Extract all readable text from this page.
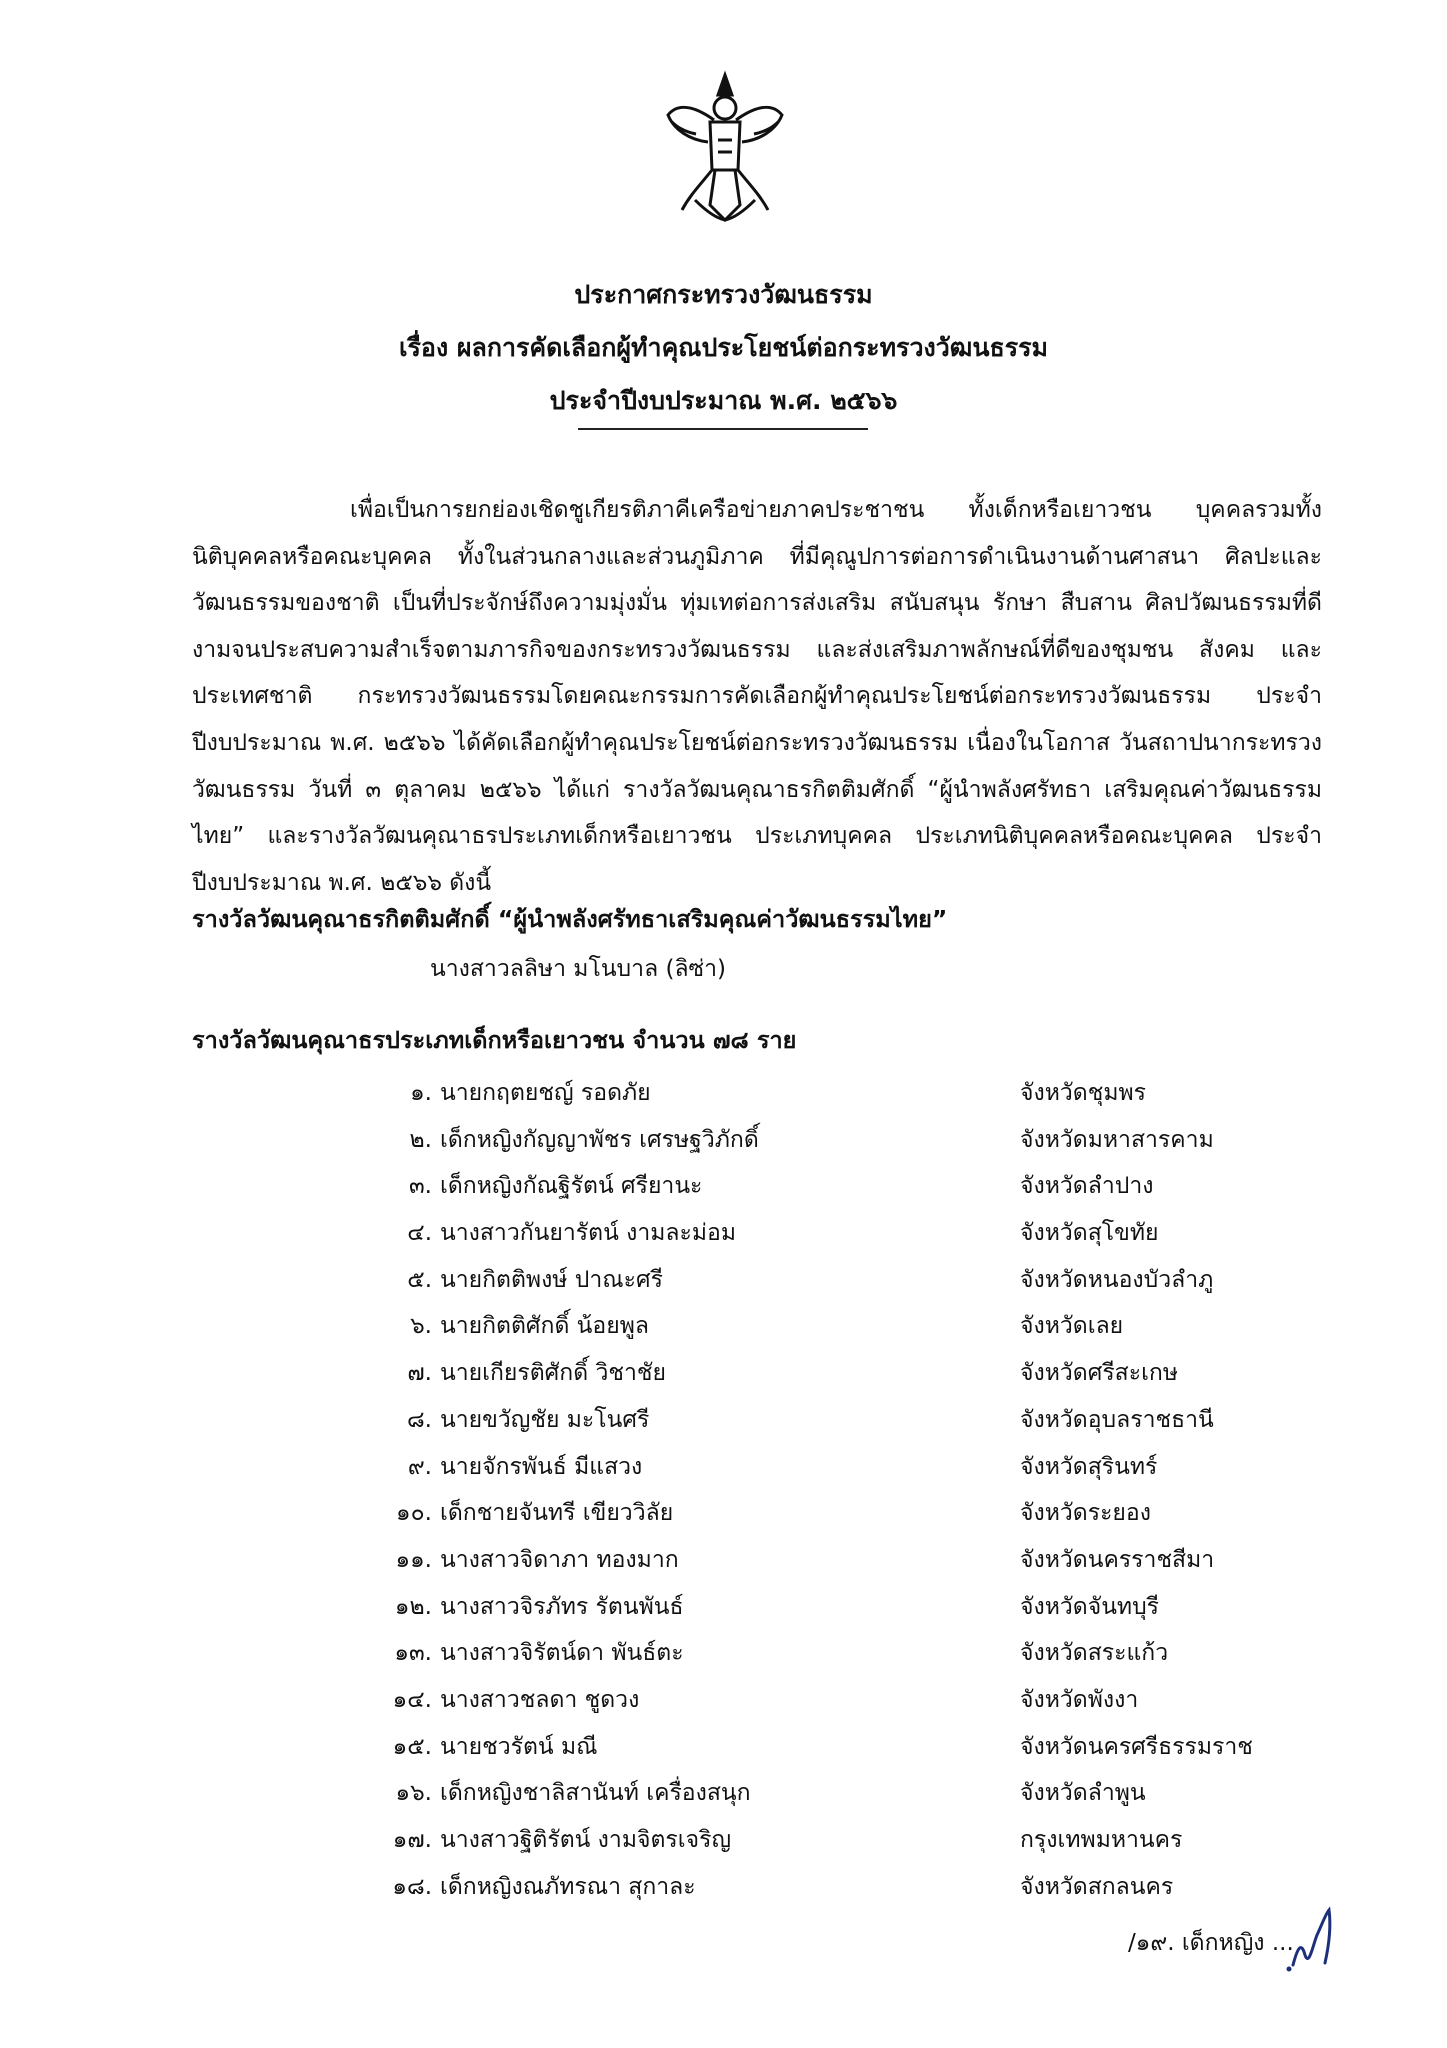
ประกาศกระทรวงวัฒนธรรม
เรื่อง ผลการคัดเลือกผู้ทำคุณประโยชน์ต่อกระทรวงวัฒนธรรม
ประจำปีงบประมาณ พ.ศ. ๒๕๖๖

เพื่อเป็นการยกย่องเชิดชูเกียรติภาคีเครือข่ายภาคประชาชน ทั้งเด็กหรือเยาวชน บุคคลรวมทั้งนิติบุคคลหรือคณะบุคคล ทั้งในส่วนกลางและส่วนภูมิภาค ที่มีคุณูปการต่อการดำเนินงานด้านศาสนา ศิลปะและวัฒนธรรมของชาติ เป็นที่ประจักษ์ถึงความมุ่งมั่น ทุ่มเทต่อการส่งเสริม สนับสนุน รักษา สืบสาน ศิลปวัฒนธรรมที่ดีงามจนประสบความสำเร็จตามภารกิจของกระทรวงวัฒนธรรม และส่งเสริมภาพลักษณ์ที่ดีของชุมชน สังคม และประเทศชาติ กระทรวงวัฒนธรรมโดยคณะกรรมการคัดเลือกผู้ทำคุณประโยชน์ต่อกระทรวงวัฒนธรรม ประจำปีงบประมาณ พ.ศ. ๒๕๖๖ ได้คัดเลือกผู้ทำคุณประโยชน์ต่อกระทรวงวัฒนธรรม เนื่องในโอกาส วันสถาปนากระทรวงวัฒนธรรม วันที่ ๓ ตุลาคม ๒๕๖๖ ได้แก่ รางวัลวัฒนคุณาธรกิตติมศักดิ์ “ผู้นำพลังศรัทธา เสริมคุณค่าวัฒนธรรมไทย” และรางวัลวัฒนคุณาธรประเภทเด็กหรือเยาวชน ประเภทบุคคล ประเภทนิติบุคคลหรือคณะบุคคล ประจำปีงบประมาณ พ.ศ. ๒๕๖๖ ดังนี้

รางวัลวัฒนคุณาธรกิตติมศักดิ์ “ผู้นำพลังศรัทธาเสริมคุณค่าวัฒนธรรมไทย”
นางสาวลลิษา มโนบาล (ลิซ่า)
รางวัลวัฒนคุณาธรประเภทเด็กหรือเยาวชน จำนวน ๗๘ ราย
๑. นายกฤตยชญ์ รอดภัย	จังหวัดชุมพร
๒. เด็กหญิงกัญญาพัชร เศรษฐวิภักดิ์	จังหวัดมหาสารคาม
๓. เด็กหญิงกัณฐิรัตน์ ศรียานะ	จังหวัดลำปาง
๔. นางสาวกันยารัตน์ งามละม่อม	จังหวัดสุโขทัย
๕. นายกิตติพงษ์ ปาณะศรี	จังหวัดหนองบัวลำภู
๖. นายกิตติศักดิ์ น้อยพูล	จังหวัดเลย
๗. นายเกียรติศักดิ์ วิชาชัย	จังหวัดศรีสะเกษ
๘. นายขวัญชัย มะโนศรี	จังหวัดอุบลราชธานี
๙. นายจักรพันธ์ มีแสวง	จังหวัดสุรินทร์
๑๐. เด็กชายจันทรี เขียววิลัย	จังหวัดระยอง
๑๑. นางสาวจิดาภา ทองมาก	จังหวัดนครราชสีมา
๑๒. นางสาวจิรภัทร รัตนพันธ์	จังหวัดจันทบุรี
๑๓. นางสาวจิรัตน์ดา พันธ์ตะ	จังหวัดสระแก้ว
๑๔. นางสาวชลดา ชูดวง	จังหวัดพังงา
๑๕. นายชวรัตน์ มณี	จังหวัดนครศรีธรรมราช
๑๖. เด็กหญิงชาลิสานันท์ เครื่องสนุก	จังหวัดลำพูน
๑๗. นางสาวฐิติรัตน์ งามจิตรเจริญ	กรุงเทพมหานคร
๑๘. เด็กหญิงณภัทรณา สุกาละ	จังหวัดสกลนคร
/๑๙. เด็กหญิง ...
